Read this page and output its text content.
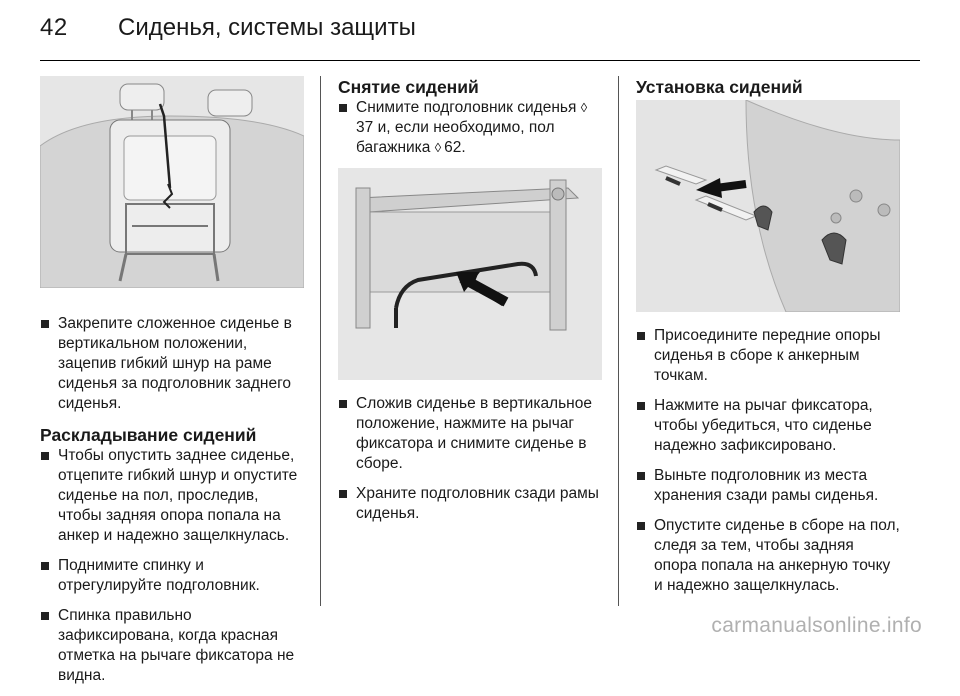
42 Сиденья, системы защиты
Закрепите сложенное сиденье в вертикальном положении, зацепив гибкий шнур на раме сиденья за подголовник заднего сиденья.
Раскладывание сидений
Чтобы опустить заднее сиденье, отцепите гибкий шнур и опустите сиденье на пол, проследив, чтобы задняя опора попала на анкер и надежно защелкнулась.
Поднимите спинку и отрегулируйте подголовник.
Спинка правильно зафиксирована, когда красная отметка на рычаге фиксатора не видна.
Снятие сидений
Снимите подголовник сиденья ◊37 и, если необходимо, пол багажника ◊ 62.
Сложив сиденье в вертикальное положение, нажмите на рычаг фиксатора и снимите сиденье в сборе.
Храните подголовник сзади рамы сиденья.
Установка сидений
Присоедините передние опоры сиденья в сборе к анкерным точкам.
Нажмите на рычаг фиксатора, чтобы убедиться, что сиденье надежно зафиксировано.
Выньте подголовник из места хранения сзади рамы сиденья.
Опустите сиденье в сборе на пол, следя за тем, чтобы задняя опора попала на анкерную точку и надежно защелкнулась.
carmanualsonline.info
